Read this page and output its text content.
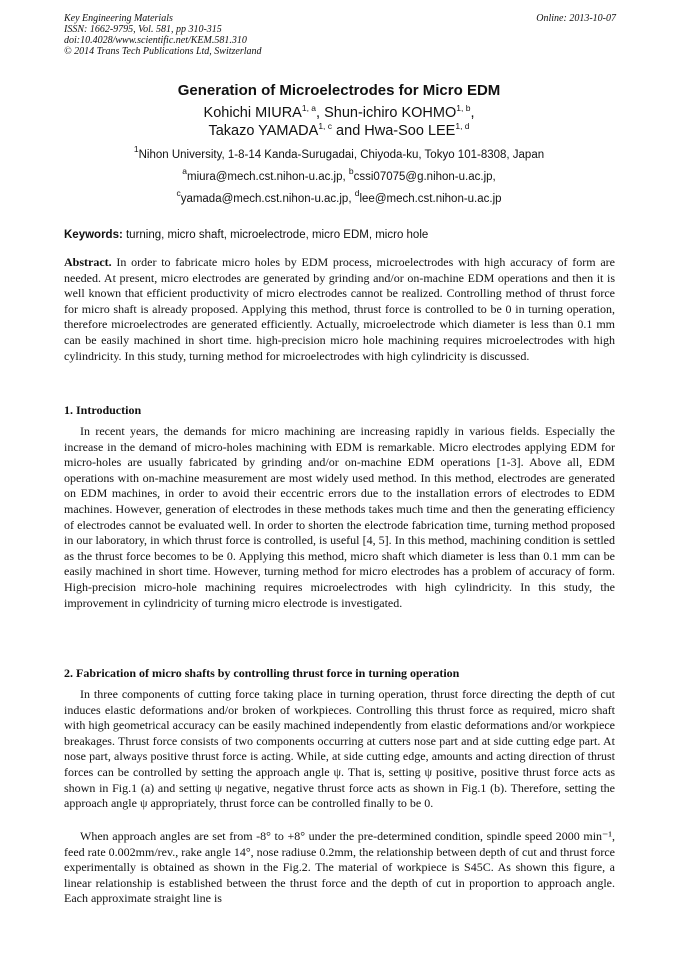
Key Engineering Materials
ISSN: 1662-9795, Vol. 581, pp 310-315
doi:10.4028/www.scientific.net/KEM.581.310
© 2014 Trans Tech Publications Ltd, Switzerland
Online: 2013-10-07
Generation of Microelectrodes for Micro EDM
Kohichi MIURA$^{1, a}$, Shun-ichiro KOHMO$^{1, b}$,
Takazo YAMADA$^{1, c}$ and Hwa-Soo LEE$^{1, d}$
$^1$Nihon University, 1-8-14 Kanda-Surugadai, Chiyoda-ku, Tokyo 101-8308, Japan
$^a$miura@mech.cst.nihon-u.ac.jp, $^b$cssi07075@g.nihon-u.ac.jp,
$^c$yamada@mech.cst.nihon-u.ac.jp, $^d$lee@mech.cst.nihon-u.ac.jp
Keywords: turning, micro shaft, microelectrode, micro EDM, micro hole

Abstract. In order to fabricate micro holes by EDM process, microelectrodes with high accuracy of form are needed. At present, micro electrodes are generated by grinding and/or on-machine EDM operations and then it is well known that efficient productivity of micro electrodes cannot be realized. Controlling method of thrust force for micro shaft is already proposed. Applying this method, thrust force is controlled to be 0 in turning operation, therefore microelectrodes are generated efficiently. Actually, microelectrode which diameter is less than 0.1 mm can be easily machined in short time. high-precision micro hole machining requires microelectrodes with high cylindricity. In this study, turning method for microelectrodes with high cylindricity is discussed.

1. Introduction

In recent years, the demands for micro machining are increasing rapidly in various fields. Especially the increase in the demand of micro-holes machining with EDM is remarkable. Micro electrodes applying EDM for micro-holes are usually fabricated by grinding and/or on-machine EDM operations [1-3]. Above all, EDM operations with on-machine measurement are most widely used method. In this method, electrodes are generated on EDM machines, in order to avoid their eccentric errors due to the installation errors of electrodes to EDM machines. However, generation of electrodes in these methods takes much time and then the generating efficiency of electrodes cannot be evaluated well. In order to shorten the electrode fabrication time, turning method proposed in our laboratory, in which thrust force is controlled, is useful [4, 5]. In this method, machining condition is settled as the thrust force becomes to be 0. Applying this method, micro shaft which diameter is less than 0.1 mm can be easily machined in short time. However, turning method for micro electrodes has a problem of accuracy of form. High-precision micro-hole machining requires microelectrodes with high cylindricity. In this study, the improvement in cylindricity of turning micro electrode is investigated.

2. Fabrication of micro shafts by controlling thrust force in turning operation

In three components of cutting force taking place in turning operation, thrust force directing the depth of cut induces elastic deformations and/or broken of workpieces. Controlling this thrust force as required, micro shaft with high geometrical accuracy can be easily machined independently from elastic deformations and/or workpiece breakages. Thrust force consists of two components occurring at cutters nose part and at side cutting edge part. At nose part, always positive thrust force is acting. While, at side cutting edge, amounts and acting direction of thrust forces can be controlled by setting the approach angle ψ. That is, setting ψ positive, positive thrust force acts as shown in Fig.1 (a) and setting ψ negative, negative thrust force acts as shown in Fig.1 (b). Therefore, setting the approach angle ψ appropriately, thrust force can be controlled finally to be 0.

When approach angles are set from -8° to +8° under the pre-determined condition, spindle speed 2000 min⁻¹, feed rate 0.002mm/rev., rake angle 14°, nose radiuse 0.2mm, the relationship between depth of cut and thrust force experimentally is obtained as shown in the Fig.2. The material of workpiece is S45C. As shown this figure, a linear relationship is established between the thrust force and the depth of cut in proportion to approach angle. Each approximate straight line is
